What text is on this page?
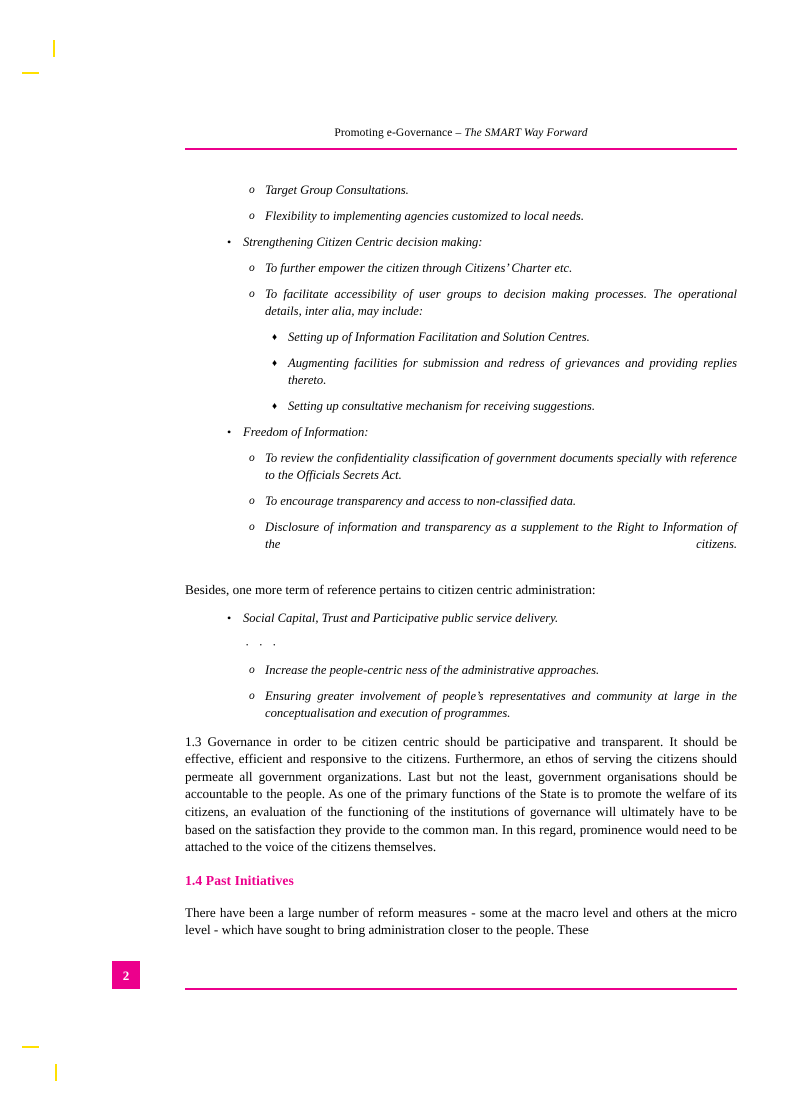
Promoting e-Governance – The SMART Way Forward
o Target Group Consultations.
o Flexibility to implementing agencies customized to local needs.
• Strengthening Citizen Centric decision making:
o To further empower the citizen through Citizens’ Charter etc.
o To facilitate accessibility of user groups to decision making processes. The operational details, inter alia, may include:
♦ Setting up of Information Facilitation and Solution Centres.
♦ Augmenting facilities for submission and redress of grievances and providing replies thereto.
♦ Setting up consultative mechanism for receiving suggestions.
• Freedom of Information:
o To review the confidentiality classification of government documents specially with reference to the Officials Secrets Act.
o To encourage transparency and access to non-classified data.
o Disclosure of information and transparency as a supplement to the Right to Information of the citizens.

Besides, one more term of reference pertains to citizen centric administration:

• Social Capital, Trust and Participative public service delivery.
· · ·
o Increase the people-centric ness of the administrative approaches.
o Ensuring greater involvement of people’s representatives and community at large in the conceptualisation and execution of programmes.

1.3 Governance in order to be citizen centric should be participative and transparent. It should be effective, efficient and responsive to the citizens. Furthermore, an ethos of serving the citizens should permeate all government organizations. Last but not the least, government organisations should be accountable to the people. As one of the primary functions of the State is to promote the welfare of its citizens, an evaluation of the functioning of the institutions of governance will ultimately have to be based on the satisfaction they provide to the common man. In this regard, prominence would need to be attached to the voice of the citizens themselves.

1.4 Past Initiatives

There have been a large number of reform measures - some at the macro level and others at the micro level - which have sought to bring administration closer to the people. These

2
